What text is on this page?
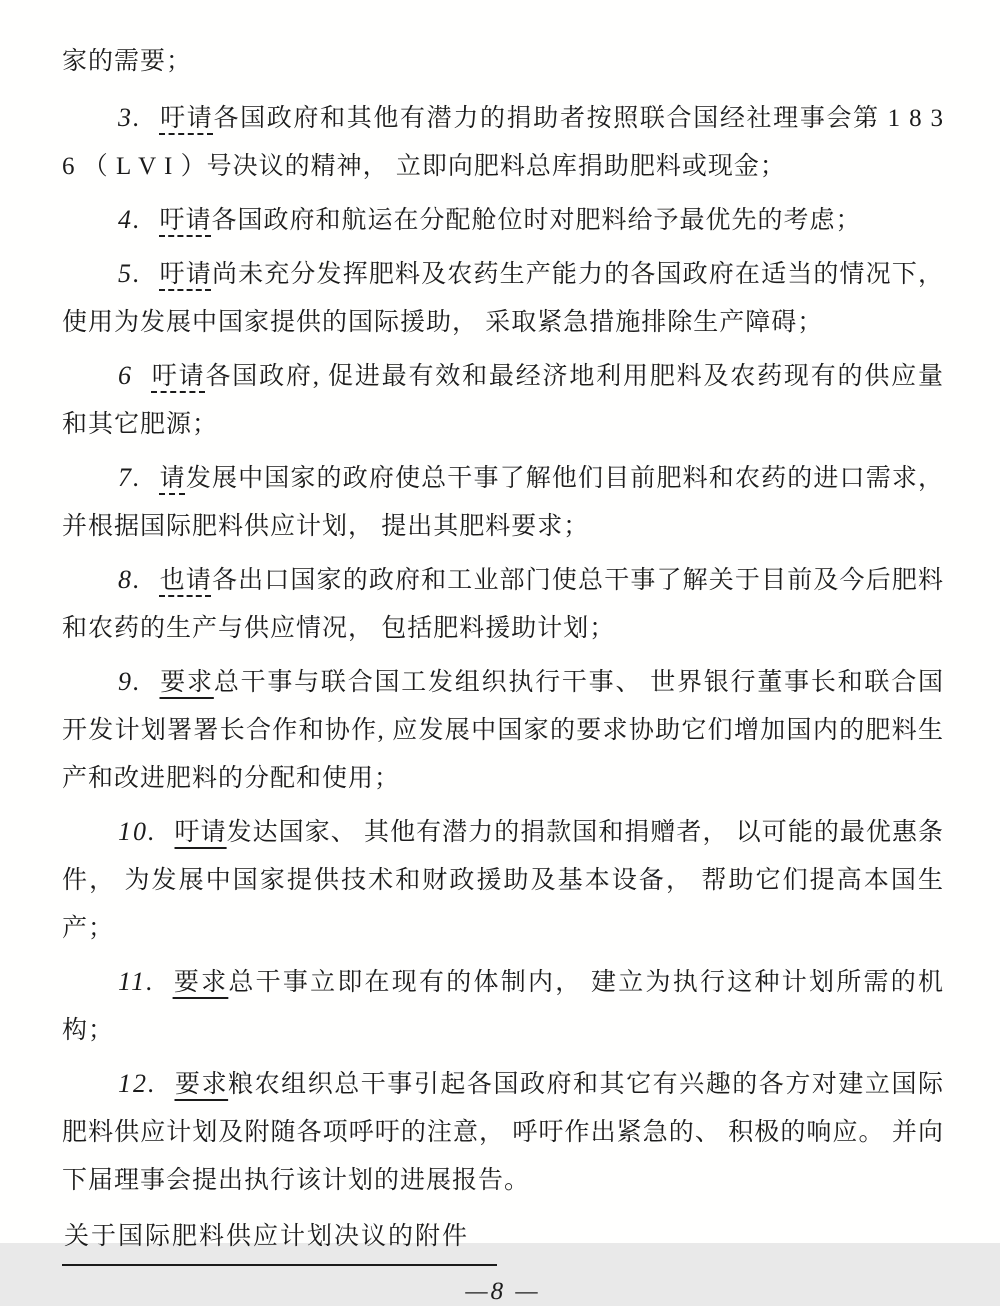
家的需要；

3. 吁请各国政府和其他有潜力的捐助者按照联合国经社理事会第 1 8 3 6 （ L V I ）号决议的精神， 立即向肥料总库捐助肥料或现金；

4. 吁请各国政府和航运在分配舱位时对肥料给予最优先的考虑；

5. 吁请尚未充分发挥肥料及农药生产能力的各国政府在适当的情况下， 使用为发展中国家提供的国际援助， 采取紧急措施排除生产障碍；

6 吁请各国政府, 促进最有效和最经济地利用肥料及农药现有的供应量和其它肥源；

7. 请发展中国家的政府使总干事了解他们目前肥料和农药的进口需求， 并根据国际肥料供应计划， 提出其肥料要求；

8. 也请各出口国家的政府和工业部门使总干事了解关于目前及今后肥料和农药的生产与供应情况， 包括肥料援助计划；

9. 要求总干事与联合国工发组织执行干事、 世界银行董事长和联合国开发计划署署长合作和协作, 应发展中国家的要求协助它们增加国内的肥料生产和改进肥料的分配和使用；

10. 吁请发达国家、 其他有潜力的捐款国和捐赠者， 以可能的最优惠条件， 为发展中国家提供技术和财政援助及基本设备， 帮助它们提高本国生产；

11. 要求总干事立即在现有的体制内， 建立为执行这种计划所需的机构；

12. 要求粮农组织总干事引起各国政府和其它有兴趣的各方对建立国际肥料供应计划及附随各项呼吁的注意， 呼吁作出紧急的、 积极的响应。 并向下届理事会提出执行该计划的进展报告。

关于国际肥料供应计划决议的附件
—8 —
